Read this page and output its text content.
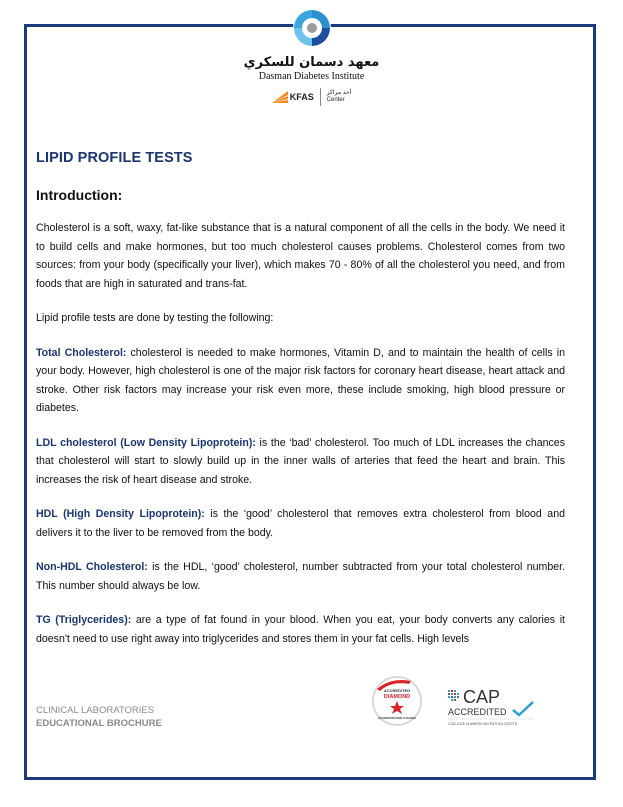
معهد دسمان للسكري
Dasman Diabetes Institute
KFAS أحد مراكز
Center
LIPID PROFILE TESTS
Introduction:

Cholesterol is a soft, waxy, fat-like substance that is a natural component of all the cells in the body. We need it to build cells and make hormones, but too much cholesterol causes problems. Cholesterol comes from two sources: from your body (specifically your liver), which makes 70 - 80% of all the cholesterol you need, and from foods that are high in saturated and trans-fat.

Lipid profile tests are done by testing the following:

Total Cholesterol: cholesterol is needed to make hormones, Vitamin D, and to maintain the health of cells in your body. However, high cholesterol is one of the major risk factors for coronary heart disease, heart attack and stroke. Other risk factors may increase your risk even more, these include smoking, high blood pressure or diabetes.

LDL cholesterol (Low Density Lipoprotein): is the ‘bad’ cholesterol. Too much of LDL increases the chances that cholesterol will start to slowly build up in the inner walls of arteries that feed the heart and brain. This increases the risk of heart disease and stroke.

HDL (High Density Lipoprotein): is the ‘good’ cholesterol that removes extra cholesterol from blood and delivers it to the liver to be removed from the body.

Non-HDL Cholesterol: is the HDL, ‘good’ cholesterol, number subtracted from your total cholesterol number. This number should always be low.

TG (Triglycerides): are a type of fat found in your blood. When you eat, your body converts any calories it doesn't need to use right away into triglycerides and stores them in your fat cells. High levels

CLINICAL LABORATORIES
EDUCATIONAL BROCHURE
ACCREDITED
DIAMOND
ACCREDITATION CANADA
CAP
ACCREDITED
COLLEGE of AMERICAN PATHOLOGISTS
